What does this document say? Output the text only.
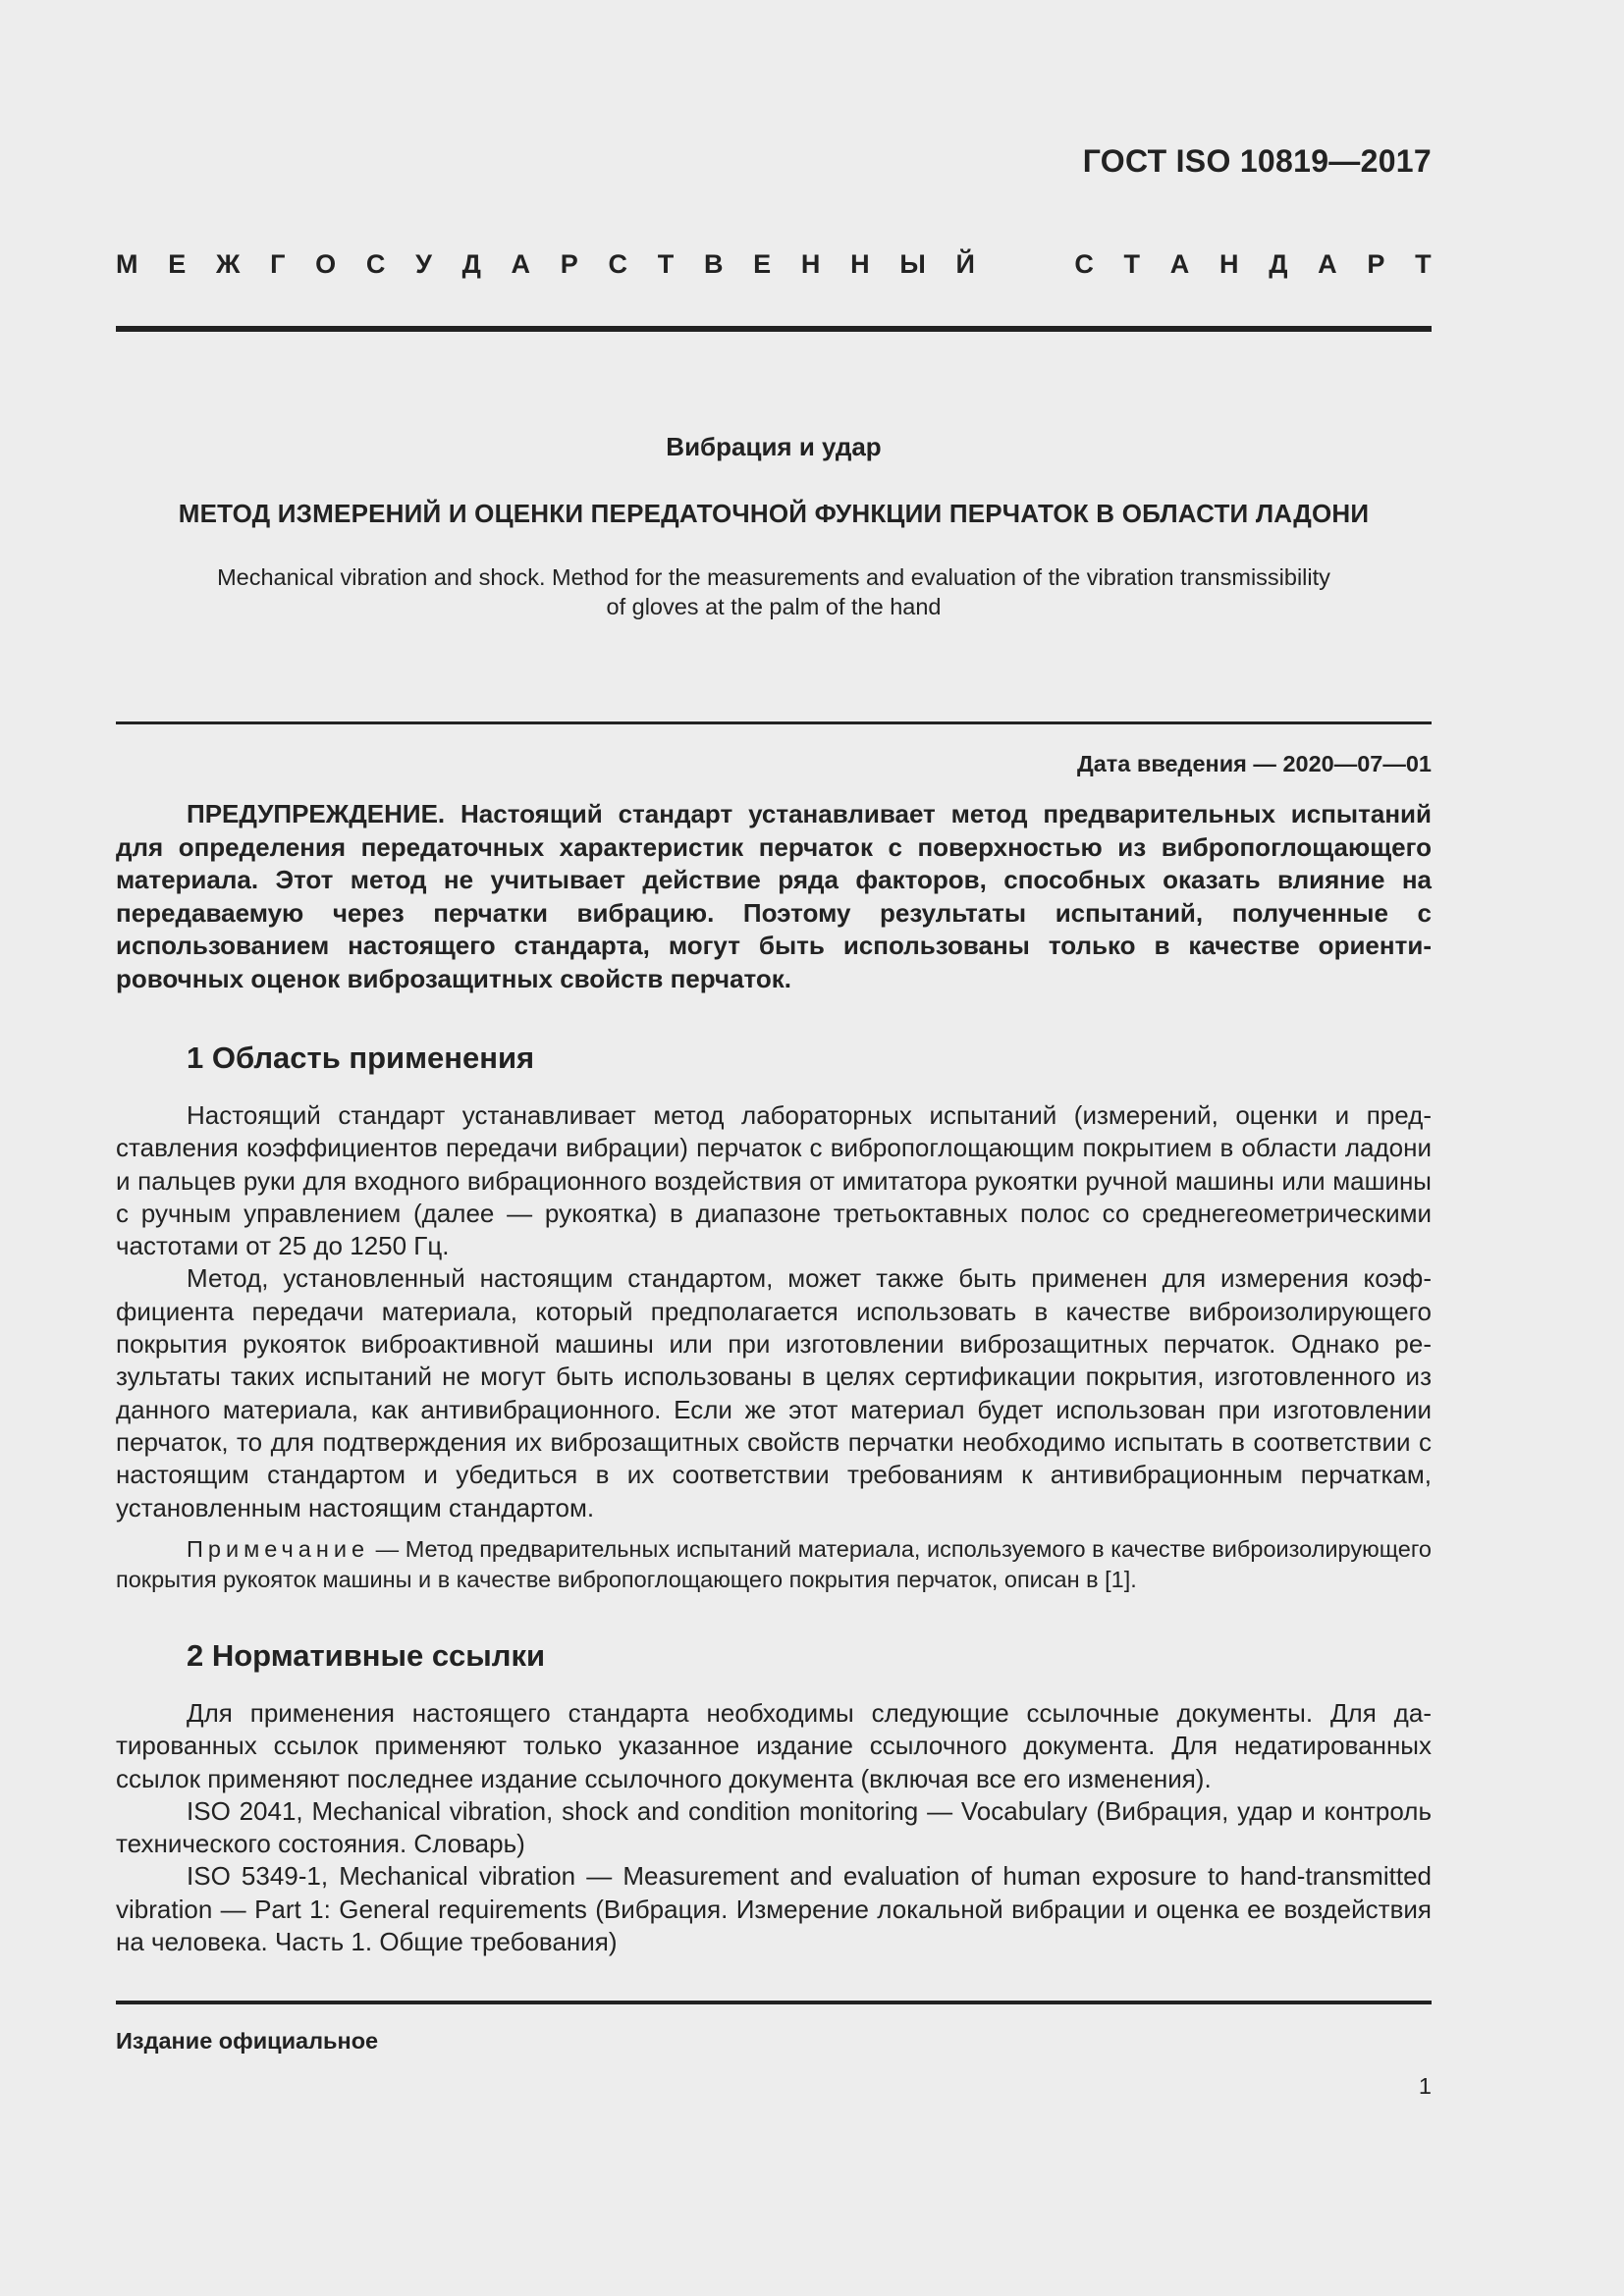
ГОСТ ISO 10819—2017
М Е Ж Г О С У Д А Р С Т В Е Н Н Ы Й	С Т А Н Д А Р Т
Вибрация и удар
МЕТОД ИЗМЕРЕНИЙ И ОЦЕНКИ ПЕРЕДАТОЧНОЙ ФУНКЦИИ ПЕРЧАТОК В ОБЛАСТИ ЛАДОНИ
Mechanical vibration and shock. Method for the measurements and evaluation of the vibration transmissibility
of gloves at the palm of the hand
Дата введения — 2020—07—01
ПРЕДУПРЕЖДЕНИЕ. Настоящий стандарт устанавливает метод предварительных испытаний для определения передаточных характеристик перчаток с поверхностью из вибропоглощающего материала. Этот метод не учитывает действие ряда факторов, способных оказать влияние на передаваемую через перчатки вибрацию. Поэтому результаты испытаний, полученные с использованием настоящего стандарта, могут быть использованы только в качестве ориентировочных оценок виброзащитных свойств перчаток.
1 Область применения

Настоящий стандарт устанавливает метод лабораторных испытаний (измерений, оценки и представления коэффициентов передачи вибрации) перчаток с вибропоглощающим покрытием в области ладони и пальцев руки для входного вибрационного воздействия от имитатора рукоятки ручной машины или машины с ручным управлением (далее — рукоятка) в диапазоне третьоктавных полос со среднегеометрическими частотами от 25 до 1250 Гц.

Метод, установленный настоящим стандартом, может также быть применен для измерения коэффициента передачи материала, который предполагается использовать в качестве виброизолирующего покрытия рукояток виброактивной машины или при изготовлении виброзащитных перчаток. Однако результаты таких испытаний не могут быть использованы в целях сертификации покрытия, изготовленного из данного материала, как антивибрационного. Если же этот материал будет использован при изготовлении перчаток, то для подтверждения их виброзащитных свойств перчатки необходимо испытать в соответствии с настоящим стандартом и убедиться в их соответствии требованиям к антивибрационным перчаткам, установленным настоящим стандартом.

Примечание — Метод предварительных испытаний материала, используемого в качестве виброизолирующего покрытия рукояток машины и в качестве вибропоглощающего покрытия перчаток, описан в [1].
2 Нормативные ссылки

Для применения настоящего стандарта необходимы следующие ссылочные документы. Для датированных ссылок применяют только указанное издание ссылочного документа. Для недатированных ссылок применяют последнее издание ссылочного документа (включая все его изменения).

ISO 2041, Mechanical vibration, shock and condition monitoring — Vocabulary (Вибрация, удар и контроль технического состояния. Словарь)

ISO 5349-1, Mechanical vibration — Measurement and evaluation of human exposure to hand-transmitted vibration — Part 1: General requirements (Вибрация. Измерение локальной вибрации и оценка ее воздействия на человека. Часть 1. Общие требования)

Издание официальное
1
